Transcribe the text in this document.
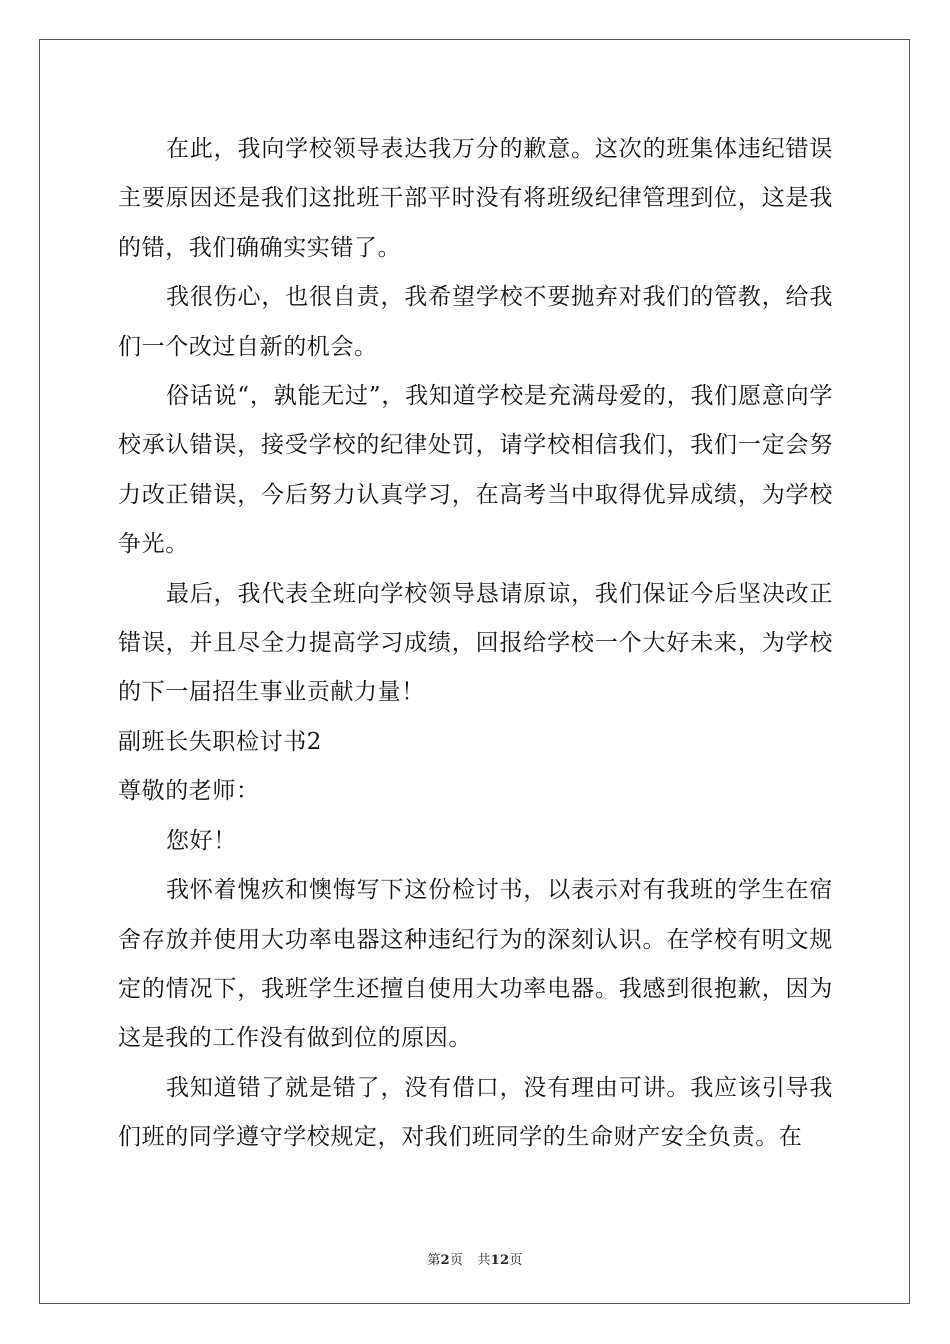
在此，我向学校领导表达我万分的歉意。这次的班集体违纪错误主要原因还是我们这批班干部平时没有将班级纪律管理到位，这是我的错，我们确确实实错了。

我很伤心，也很自责，我希望学校不要抛弃对我们的管教，给我们一个改过自新的机会。

俗话说“，孰能无过”，我知道学校是充满母爱的，我们愿意向学校承认错误，接受学校的纪律处罚，请学校相信我们，我们一定会努力改正错误，今后努力认真学习，在高考当中取得优异成绩，为学校争光。

最后，我代表全班向学校领导恳请原谅，我们保证今后坚决改正错误，并且尽全力提高学习成绩，回报给学校一个大好未来，为学校的下一届招生事业贡献力量！

副班长失职检讨书2

尊敬的老师：

您好！

我怀着愧疚和懊悔写下这份检讨书，以表示对有我班的学生在宿舍存放并使用大功率电器这种违纪行为的深刻认识。在学校有明文规定的情况下，我班学生还擅自使用大功率电器。我感到很抱歉，因为这是我的工作没有做到位的原因。

我知道错了就是错了，没有借口，没有理由可讲。我应该引导我们班的同学遵守学校规定，对我们班同学的生命财产安全负责。在

第2页 共12页
